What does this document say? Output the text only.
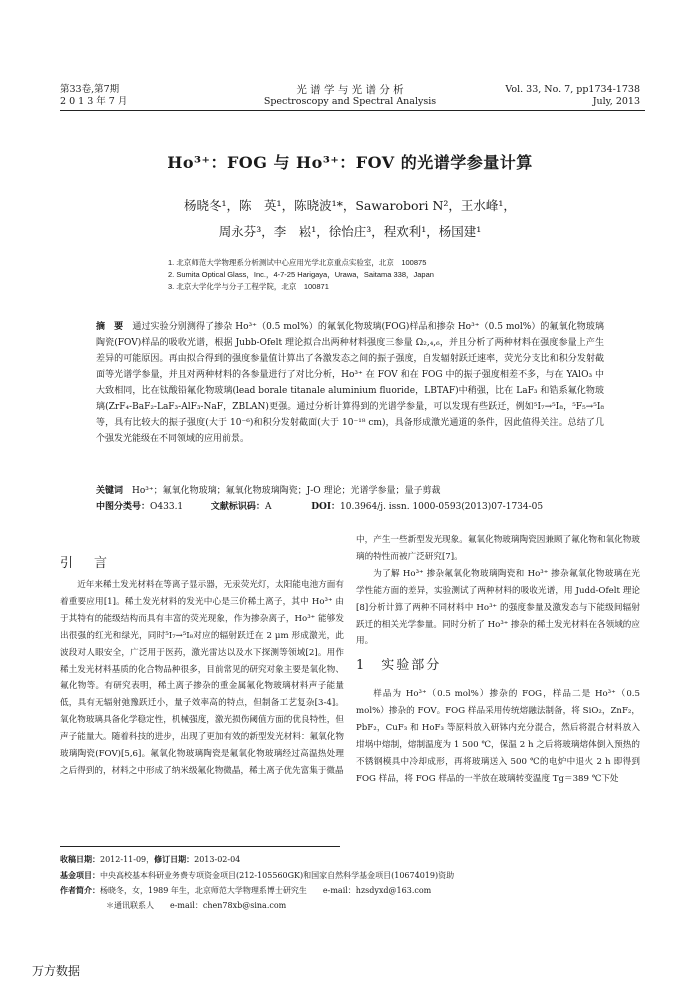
第33卷,第7期
2 0 1 3 年 7 月
光 谱 学 与 光 谱 分 析
Spectroscopy and Spectral Analysis
Vol. 33, No. 7, pp1734-1738
July, 2013
Ho³⁺：FOG 与 Ho³⁺：FOV 的光谱学参量计算
杨晓冬¹，陈　英¹，陈晓波¹*，Sawarobori N²，王水峰¹，
周永芬³，李　崧¹，徐怡庄³，程欢利¹，杨国建¹
1. 北京师范大学物理系分析测试中心应用光学北京重点实验室，北京　100875
2. Sumita Optical Glass，Inc.，4-7-25 Harigaya，Urawa，Saitama 338，Japan
3. 北京大学化学与分子工程学院，北京　100871
摘　要　 通过实验分别测得了掺杂 Ho³⁺（0.5 mol%）的氟氧化物玻璃(FOG)样品和掺杂 Ho³⁺（0.5 mol%）的氟氧化物玻璃陶瓷(FOV)样品的吸收光谱，根据 Jubb-Ofelt 理论拟合出两种材料强度三参量 Ω₂,₄,₆，并且分析了两种材料在强度参量上产生差异的可能原因。再由拟合得到的强度参量值计算出了各激发态之间的振子强度，自发辐射跃迁速率，荧光分支比和积分发射截面等光谱学参量，并且对两种材料的各参量进行了对比分析，Ho³⁺ 在 FOV 和在 FOG 中的振子强度相差不多，与在 YAlO₃ 中大致相同，比在钛酸铅氟化物玻璃(lead borale titanale aluminium fluoride，LBTAF)中稍强，比在 LaF₃ 和锆系氟化物玻璃(ZrF₄-BaF₂-LaF₃-AlF₃-NaF，ZBLAN)更强。通过分析计算得到的光谱学参量，可以发现有些跃迁，例如⁵I₇→⁵I₈，⁵F₅→⁵I₈等，具有比较大的振子强度(大于 10⁻⁶)和积分发射截面(大于 10⁻¹⁸ cm)，具备形成激光通道的条件，因此值得关注。总结了几个强发光能级在不同领域的应用前景。
关键词　 Ho³⁺；氟氧化物玻璃；氟氧化物玻璃陶瓷；J-O 理论；光谱学参量；量子剪裁
中图分类号：O433.1	文献标识码：A	DOI：10.3964/j. issn. 1000-0593(2013)07-1734-05
引　言

近年来稀土发光材料在等离子显示器，无汞荧光灯，太阳能电池方面有着重要应用[1]。稀土发光材料的发光中心是三价稀土离子，其中 Ho³⁺ 由于其特有的能级结构而具有丰富的荧光现象，作为掺杂离子，Ho³⁺ 能够发出很强的红光和绿光，同时⁵I₇→⁵I₈对应的辐射跃迁在 2 μm 形成激光，此波段对人眼安全，广泛用于医药，激光雷达以及水下探测等领域[2]。用作稀土发光材料基质的化合物品种很多，目前常见的研究对象主要是氧化物、氟化物等。有研究表明，稀土离子掺杂的重金属氟化物玻璃材料声子能量低，具有无辐射弛豫跃迁小，量子效率高的特点，但制备工艺复杂[3-4]。氧化物玻璃具备化学稳定性，机械强度，激光损伤阈值方面的优良特性，但声子能量大。随着科技的进步，出现了更加有效的新型发光材料：氟氧化物玻璃陶瓷(FOV)[5,6]。氟氧化物玻璃陶瓷是氟氧化物玻璃经过高温热处理之后得到的，材料之中形成了纳米级氟化物微晶，稀土离子优先富集于微晶

中，产生一些新型发光现象。氟氧化物玻璃陶瓷因兼顾了氟化物和氧化物玻璃的特性而被广泛研究[7]。

为了解 Ho³⁺ 掺杂氟氧化物玻璃陶瓷和 Ho³⁺ 掺杂氟氧化物玻璃在光学性能方面的差异，实验测试了两种材料的吸收光谱，用 Judd-Ofelt 理论[8]分析计算了两种不同材料中 Ho³⁺ 的强度参量及激发态与下能级间辐射跃迁的相关光学参量。同时分析了 Ho³⁺ 掺杂的稀土发光材料在各领域的应用。

1　实验部分

样品为 Ho³⁺（0.5 mol%）掺杂的 FOG，样品二是 Ho³⁺（0.5 mol%）掺杂的 FOV。FOG 样品采用传统熔融法制备，将 SiO₂，ZnF₂，PbF₂，CuF₃ 和 HoF₃ 等原料放入研钵内充分混合，然后将混合材料放入坩埚中熔制，熔制温度为 1 500 ℃，保温 2 h 之后将玻璃熔体倒入预热的不锈钢模具中冷却成形，再将玻璃送入 500 ℃的电炉中退火 2 h 即得到 FOG 样品，将 FOG 样品的一半放在玻璃转变温度 Tg＝389 ℃下处

收稿日期：2012-11-09，修订日期：2013-02-04
基金项目：中央高校基本科研业务费专项资金项目(212-105560GK)和国家自然科学基金项目(10674019)资助
作者简介：杨晓冬，女，1989 年生，北京师范大学物理系博士研究生　　e-mail：hzsdyxd@163.com
＊通讯联系人　　e-mail：chen78xb@sina.com
万方数据
